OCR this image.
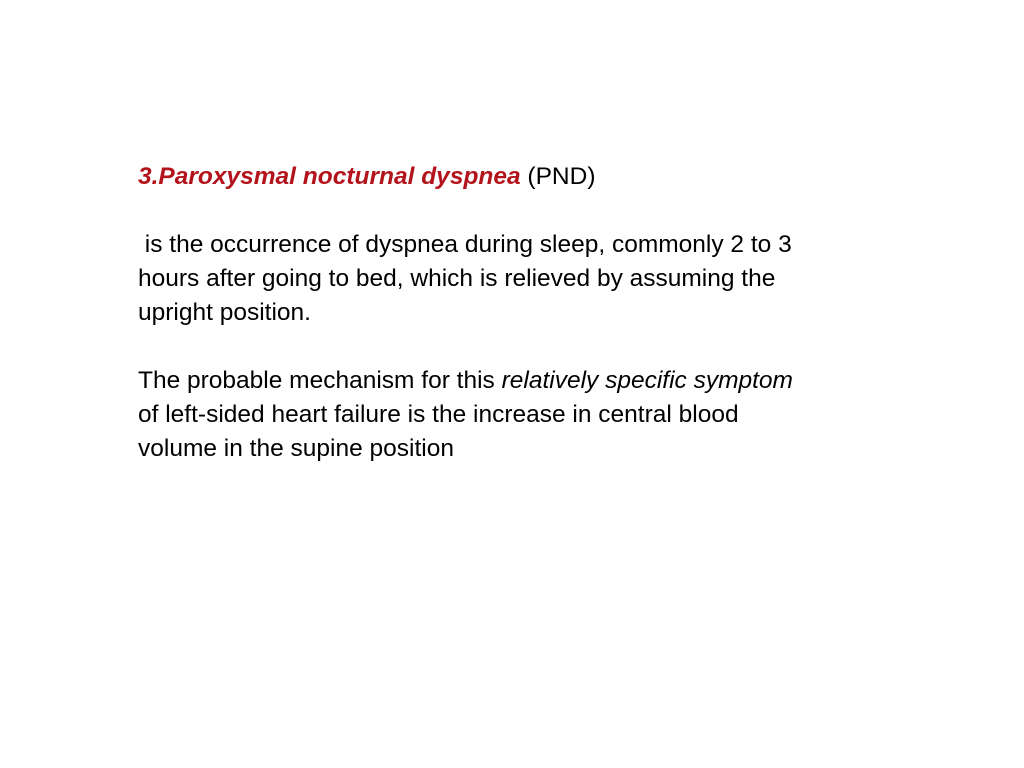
3.Paroxysmal nocturnal dyspnea (PND)
is the occurrence of dyspnea during sleep, commonly 2 to 3
hours after going to bed, which is relieved by assuming the
upright position.
The probable mechanism for this relatively specific symptom
of left-sided heart failure is the increase in central blood
volume in the supine position
